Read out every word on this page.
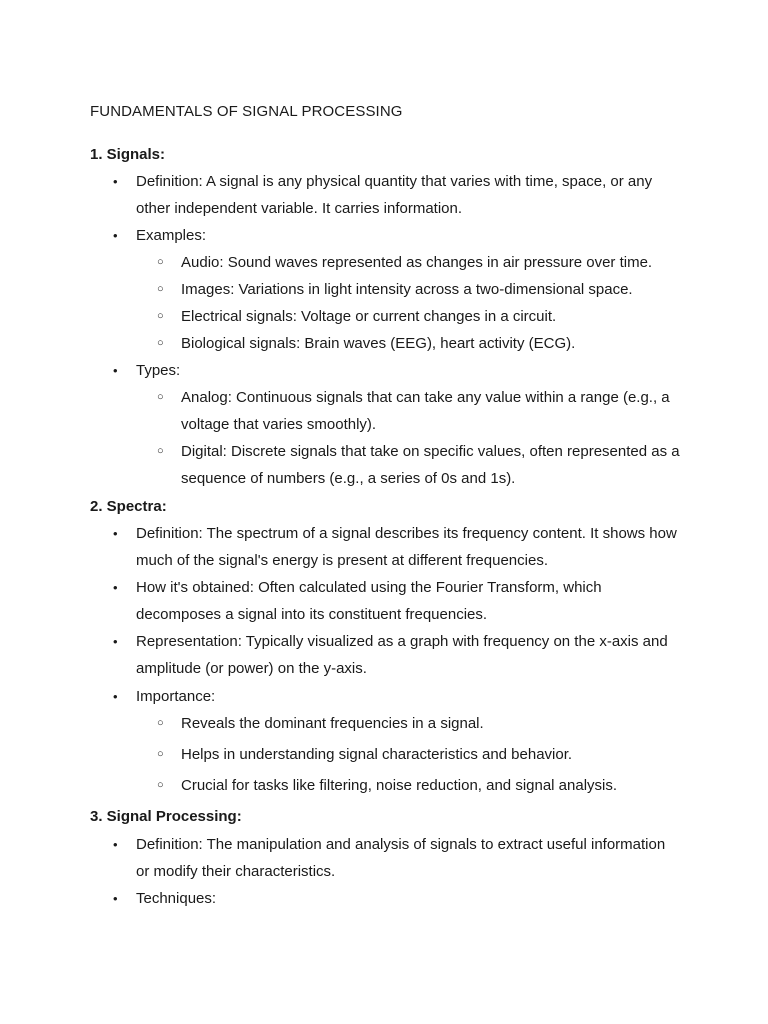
FUNDAMENTALS OF SIGNAL PROCESSING
1. Signals:
• Definition: A signal is any physical quantity that varies with time, space, or any other independent variable. It carries information.
• Examples:
○ Audio: Sound waves represented as changes in air pressure over time.
○ Images: Variations in light intensity across a two-dimensional space.
○ Electrical signals: Voltage or current changes in a circuit.
○ Biological signals: Brain waves (EEG), heart activity (ECG).
• Types:
○ Analog: Continuous signals that can take any value within a range (e.g., a voltage that varies smoothly).
○ Digital: Discrete signals that take on specific values, often represented as a sequence of numbers (e.g., a series of 0s and 1s).
2. Spectra:
• Definition: The spectrum of a signal describes its frequency content. It shows how much of the signal's energy is present at different frequencies.
• How it's obtained: Often calculated using the Fourier Transform, which decomposes a signal into its constituent frequencies.
• Representation: Typically visualized as a graph with frequency on the x-axis and amplitude (or power) on the y-axis.
• Importance:
○ Reveals the dominant frequencies in a signal.
○ Helps in understanding signal characteristics and behavior.
○ Crucial for tasks like filtering, noise reduction, and signal analysis.
3. Signal Processing:
• Definition: The manipulation and analysis of signals to extract useful information or modify their characteristics.
• Techniques:
